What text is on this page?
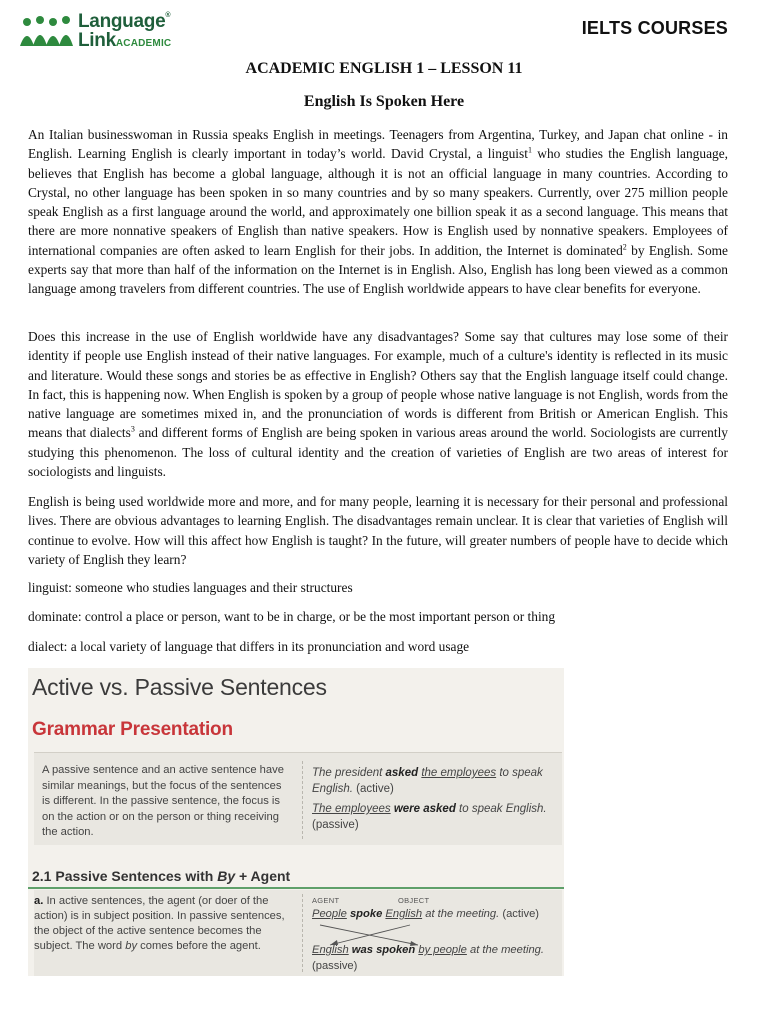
Language®
LinkACADEMIC
IELTS COURSES
ACADEMIC ENGLISH 1 – LESSON 11
English Is Spoken Here

An Italian businesswoman in Russia speaks English in meetings. Teenagers from Argentina, Turkey, and Japan chat online - in English. Learning English is clearly important in today’s world. David Crystal, a linguist$^1$ who studies the English language, believes that English has become a global language, although it is not an official language in many countries. According to Crystal, no other language has been spoken in so many countries and by so many speakers. Currently, over 275 million people speak English as a first language around the world, and approximately one billion speak it as a second language. This means that there are more nonnative speakers of English than native speakers. How is English used by nonnative speakers. Employees of international companies are often asked to learn English for their jobs. In addition, the Internet is dominated$^2$ by English. Some experts say that more than half of the information on the Internet is in English. Also, English has long been viewed as a common language among travelers from different countries. The use of English worldwide appears to have clear benefits for everyone.

Does this increase in the use of English worldwide have any disadvantages? Some say that cultures may lose some of their identity if people use English instead of their native languages. For example, much of a culture's identity is reflected in its music and literature. Would these songs and stories be as effective in English? Others say that the English language itself could change. In fact, this is happening now. When English is spoken by a group of people whose native language is not English, words from the native language are sometimes mixed in, and the pronunciation of words is different from British or American English. This means that dialects$^3$ and different forms of English are being spoken in various areas around the world. Sociologists are currently studying this phenomenon. The loss of cultural identity and the creation of varieties of English are two areas of interest for sociologists and linguists.

English is being used worldwide more and more, and for many people, learning it is necessary for their personal and professional lives. There are obvious advantages to learning English. The disadvantages remain unclear. It is clear that varieties of English will continue to evolve. How will this affect how English is taught? In the future, will greater numbers of people have to decide which variety of English they learn?

linguist: someone who studies languages and their structures

dominate: control a place or person, want to be in charge, or be the most important person or thing

dialect: a local variety of language that differs in its pronunciation and word usage

Active vs. Passive Sentences
Grammar Presentation
A passive sentence and an active sentence have similar meanings, but the focus of the sentences is different. In the passive sentence, the focus is on the action or on the person or thing receiving the action.
The president asked the employees to speak English. (active)
The employees were asked to speak English.
(passive)
2.1 Passive Sentences with By + Agent
a. In active sentences, the agent (or doer of the action) is in subject position. In passive sentences, the object of the active sentence becomes the subject. The word by comes before the agent.
AGENT	OBJECT
People spoke English at the meeting. (active)
English was spoken by people at the meeting.
(passive)
